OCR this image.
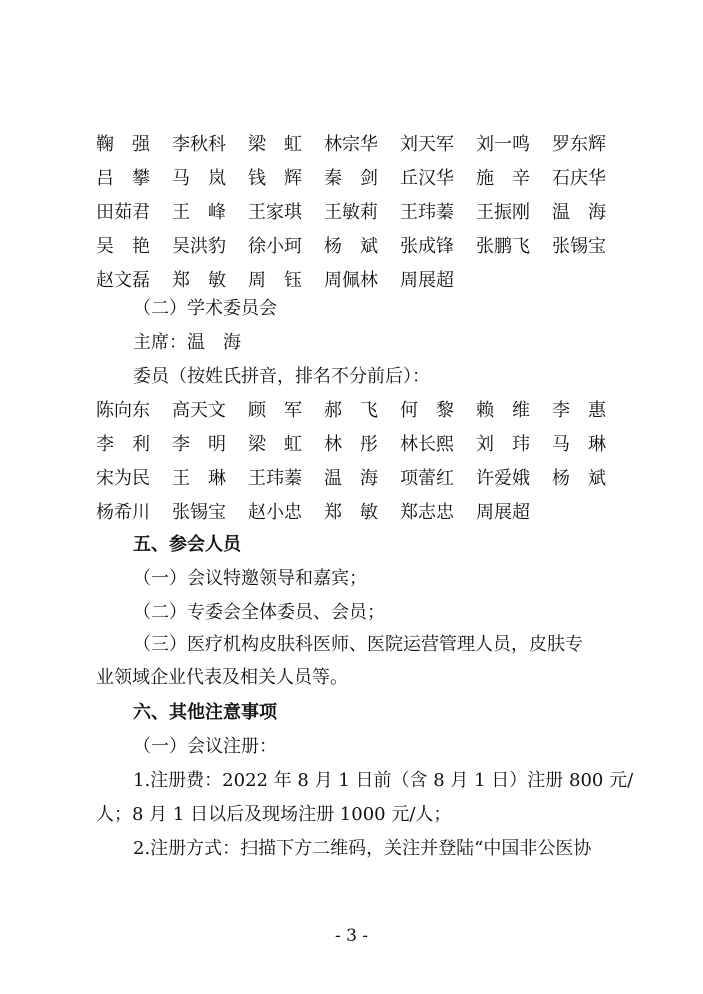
鞠　强 李秋科 梁　虹 林宗华 刘天军 刘一鸣 罗东辉
吕　攀 马　岚 钱　辉 秦　剑 丘汉华 施　辛 石庆华
田茹君 王　峰 王家琪 王敏莉 王玮蓁 王振刚 温　海
吴　艳 吴洪豹 徐小珂 杨　斌 张成锋 张鹏飞 张锡宝
赵文磊 郑　敏 周　钰 周佩林 周展超
（二）学术委员会
主席：温　海
委员（按姓氏拼音，排名不分前后）：
陈向东 高天文 顾　军 郝　飞 何　黎 赖　维 李　惠
李　利 李　明 梁　虹 林　彤 林长熙 刘　玮 马　琳
宋为民 王　琳 王玮蓁 温　海 项蕾红 许爱娥 杨　斌
杨希川 张锡宝 赵小忠 郑　敏 郑志忠 周展超
五、参会人员
（一）会议特邀领导和嘉宾；
（二）专委会全体委员、会员；
（三）医疗机构皮肤科医师、医院运营管理人员，皮肤专
业领域企业代表及相关人员等。
六、其他注意事项
（一）会议注册：
1.注册费：2022 年 8 月 1 日前（含 8 月 1 日）注册 800 元/
人；8 月 1 日以后及现场注册 1000 元/人；
2.注册方式：扫描下方二维码，关注并登陆“中国非公医协
- 3 -
